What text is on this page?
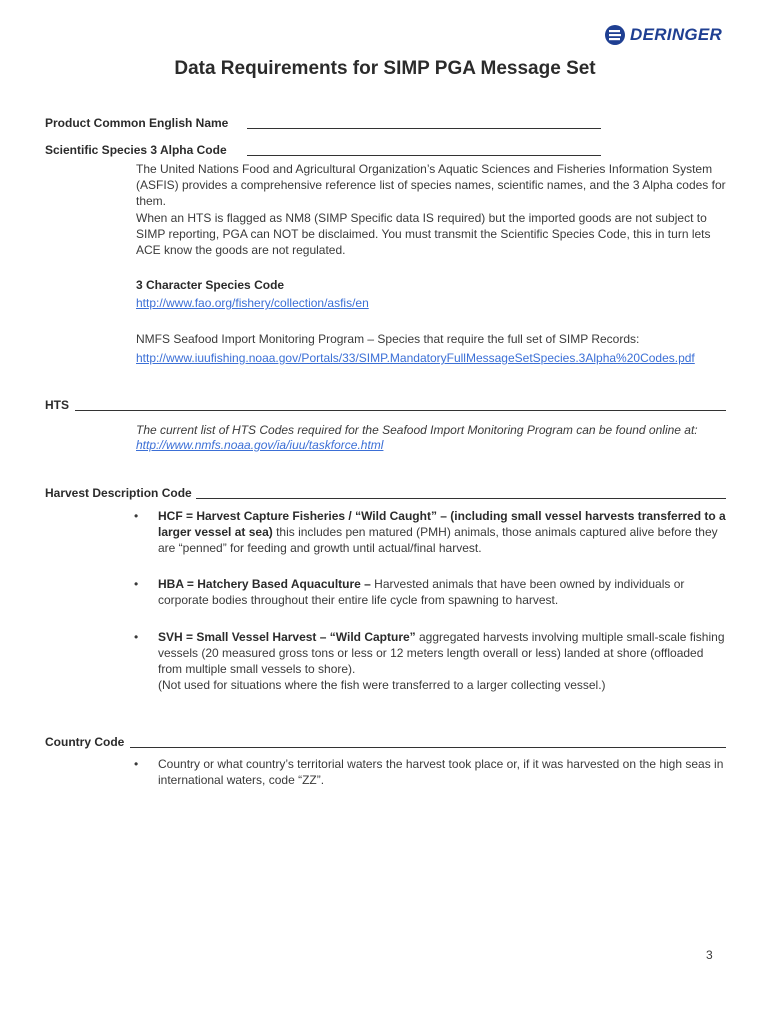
DERINGER
Data Requirements for SIMP PGA Message Set
Product Common English Name
Scientific Species 3 Alpha Code
The United Nations Food and Agricultural Organization’s Aquatic Sciences and Fisheries Information System (ASFIS) provides a comprehensive reference list of species names, scientific names, and the 3 Alpha codes for them.
When an HTS is flagged as NM8 (SIMP Specific data IS required) but the imported goods are not subject to SIMP reporting, PGA can NOT be disclaimed. You must transmit the Scientific Species Code, this in turn lets ACE know the goods are not regulated.
3 Character Species Code
http://www.fao.org/fishery/collection/asfis/en
NMFS Seafood Import Monitoring Program – Species that require the full set of SIMP Records:
http://www.iuufishing.noaa.gov/Portals/33/SIMP.MandatoryFullMessageSetSpecies.3Alpha%20Codes.pdf
HTS
The current list of HTS Codes required for the Seafood Import Monitoring Program can be found online at:
http://www.nmfs.noaa.gov/ia/iuu/taskforce.html
Harvest Description Code
•	HCF = Harvest Capture Fisheries / “Wild Caught” – (including small vessel harvests transferred to a larger vessel at sea) this includes pen matured (PMH) animals, those animals captured alive before they are “penned” for feeding and growth until actual/final harvest.
•	HBA = Hatchery Based Aquaculture – Harvested animals that have been owned by individuals or corporate bodies throughout their entire life cycle from spawning to harvest.
•	SVH = Small Vessel Harvest – “Wild Capture” aggregated harvests involving multiple small-scale fishing vessels (20 measured gross tons or less or 12 meters length overall or less) landed at shore (offloaded from multiple small vessels to shore).
(Not used for situations where the fish were transferred to a larger collecting vessel.)
Country Code
•	Country or what country’s territorial waters the harvest took place or, if it was harvested on the high seas in international waters, code “ZZ”.
3
